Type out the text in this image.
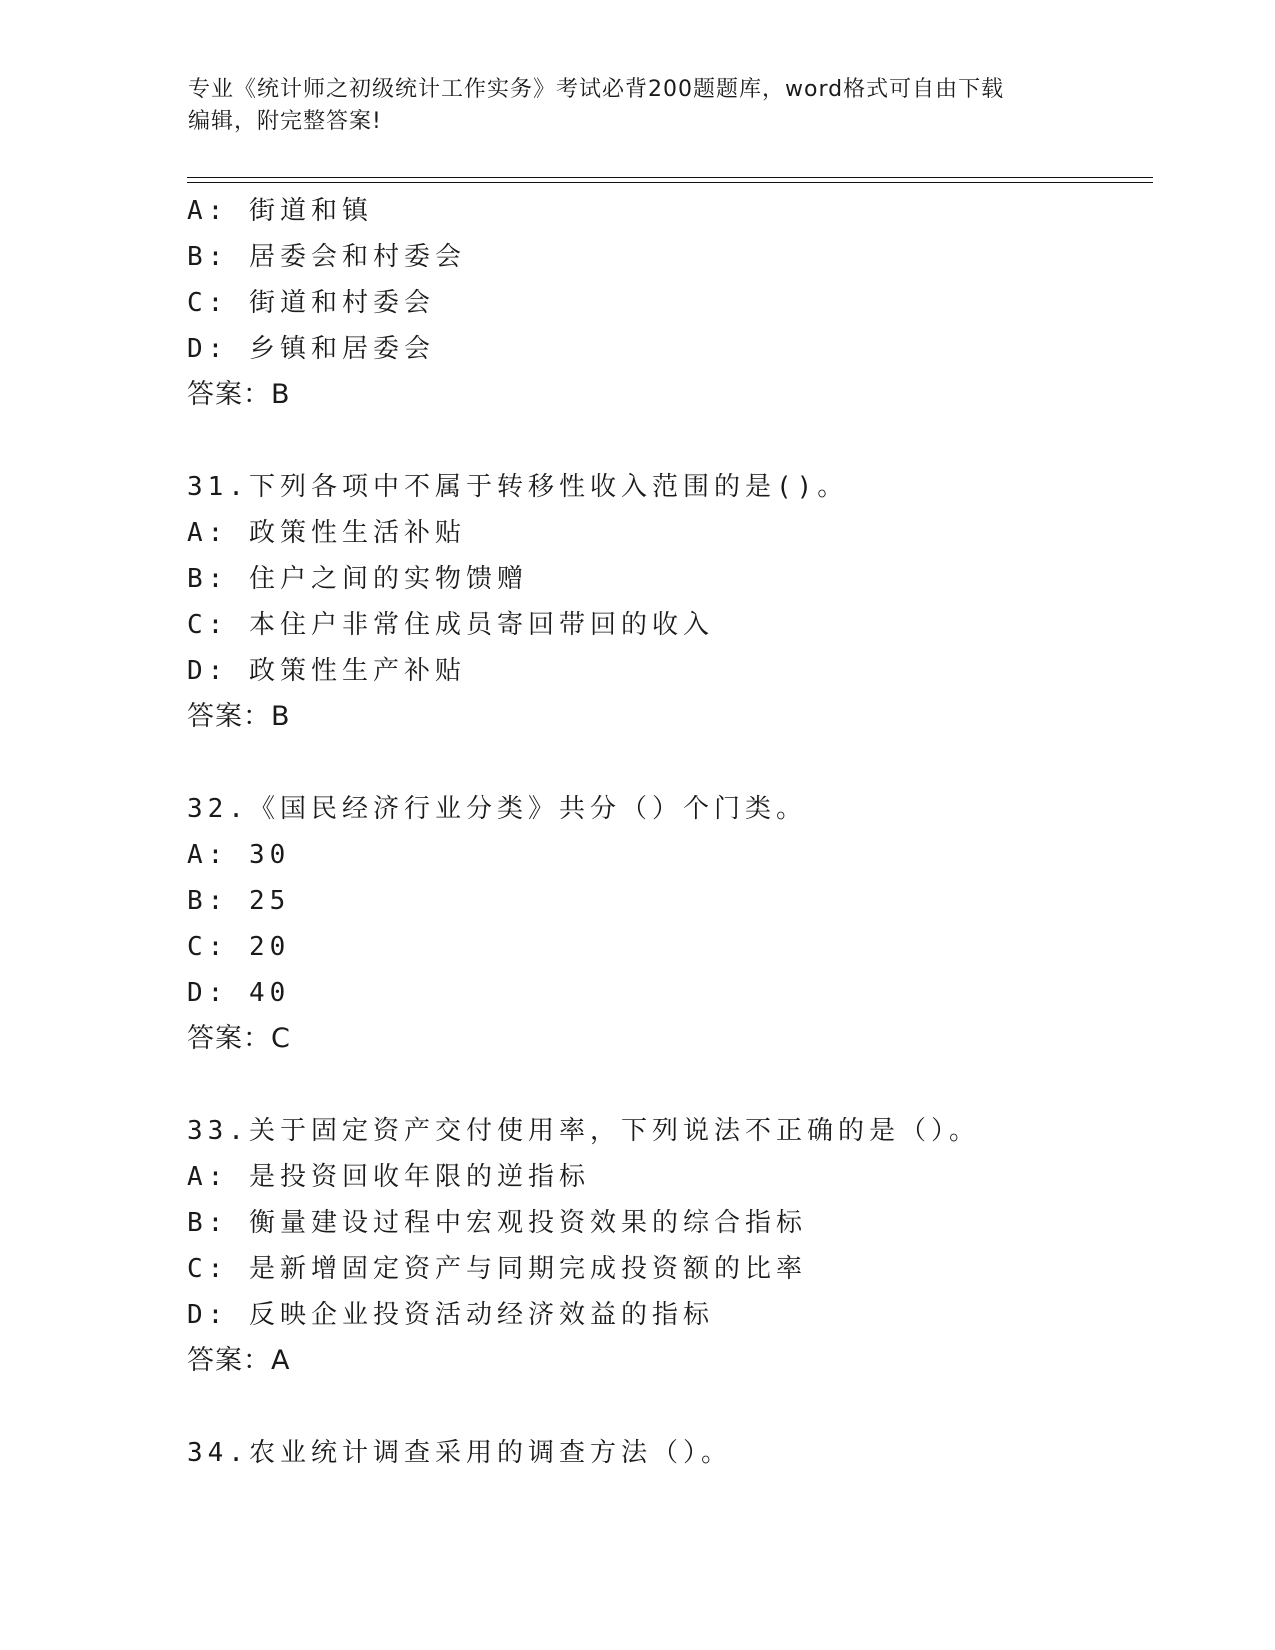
专业《统计师之初级统计工作实务》考试必背200题题库，word格式可自由下载
编辑，附完整答案!
A: 街道和镇
B: 居委会和村委会
C: 街道和村委会
D: 乡镇和居委会
答案：B
31.下列各项中不属于转移性收入范围的是()。
A: 政策性生活补贴
B: 住户之间的实物馈赠
C: 本住户非常住成员寄回带回的收入
D: 政策性生产补贴
答案：B
32.《国民经济行业分类》共分（）个门类。
A: 30
B: 25
C: 20
D: 40
答案：C
33.关于固定资产交付使用率，下列说法不正确的是（）。
A: 是投资回收年限的逆指标
B: 衡量建设过程中宏观投资效果的综合指标
C: 是新增固定资产与同期完成投资额的比率
D: 反映企业投资活动经济效益的指标
答案：A
34.农业统计调查采用的调查方法（）。
